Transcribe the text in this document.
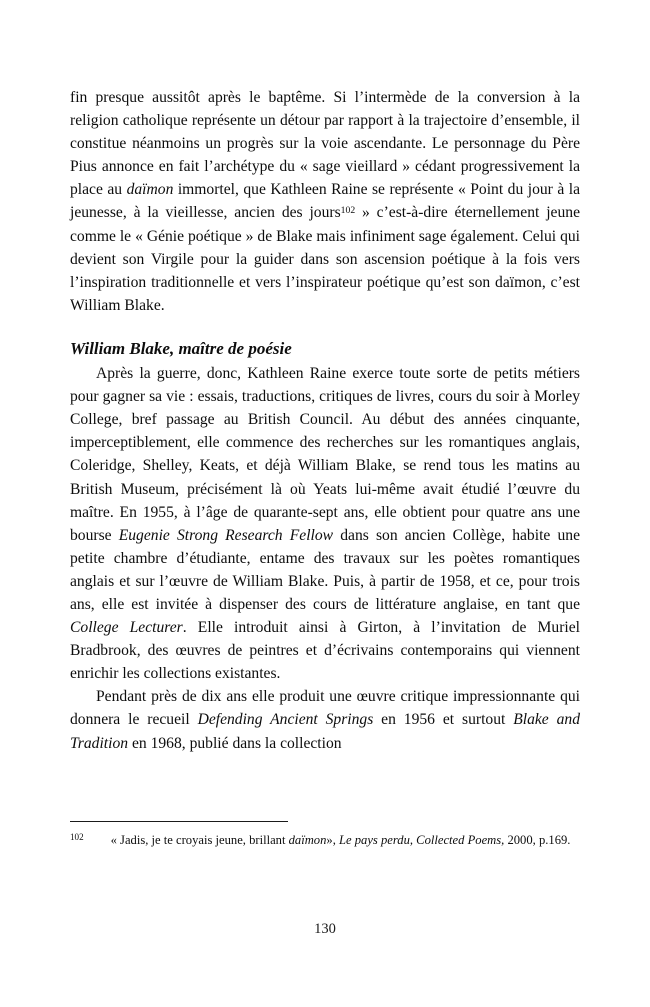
fin presque aussitôt après le baptême. Si l’intermède de la conversion à la religion catholique représente un détour par rapport à la trajectoire d’ensemble, il constitue néanmoins un progrès sur la voie ascendante. Le personnage du Père Pius annonce en fait l’archétype du « sage vieillard » cédant progressivement la place au daïmon immortel, que Kathleen Raine se représente « Point du jour à la jeunesse, à la vieillesse, ancien des jours$^{102}$ » c’est-à-dire éternellement jeune comme le « Génie poétique » de Blake mais infiniment sage également. Celui qui devient son Virgile pour la guider dans son ascension poétique à la fois vers l’inspiration traditionnelle et vers l’inspirateur poétique qu’est son daïmon, c’est William Blake.

William Blake, maître de poésie

Après la guerre, donc, Kathleen Raine exerce toute sorte de petits métiers pour gagner sa vie : essais, traductions, critiques de livres, cours du soir à Morley College, bref passage au British Council. Au début des années cinquante, imperceptiblement, elle commence des recherches sur les romantiques anglais, Coleridge, Shelley, Keats, et déjà William Blake, se rend tous les matins au British Museum, précisément là où Yeats lui-même avait étudié l’œuvre du maître. En 1955, à l’âge de quarante-sept ans, elle obtient pour quatre ans une bourse Eugenie Strong Research Fellow dans son ancien Collège, habite une petite chambre d’étudiante, entame des travaux sur les poètes romantiques anglais et sur l’œuvre de William Blake. Puis, à partir de 1958, et ce, pour trois ans, elle est invitée à dispenser des cours de littérature anglaise, en tant que College Lecturer. Elle introduit ainsi à Girton, à l’invitation de Muriel Bradbrook, des œuvres de peintres et d’écrivains contemporains qui viennent enrichir les collections existantes.

Pendant près de dix ans elle produit une œuvre critique impressionnante qui donnera le recueil Defending Ancient Springs en 1956 et surtout Blake and Tradition en 1968, publié dans la collection

$^{102}$ « Jadis, je te croyais jeune, brillant daïmon», Le pays perdu, Collected Poems, 2000, p.169.

130
